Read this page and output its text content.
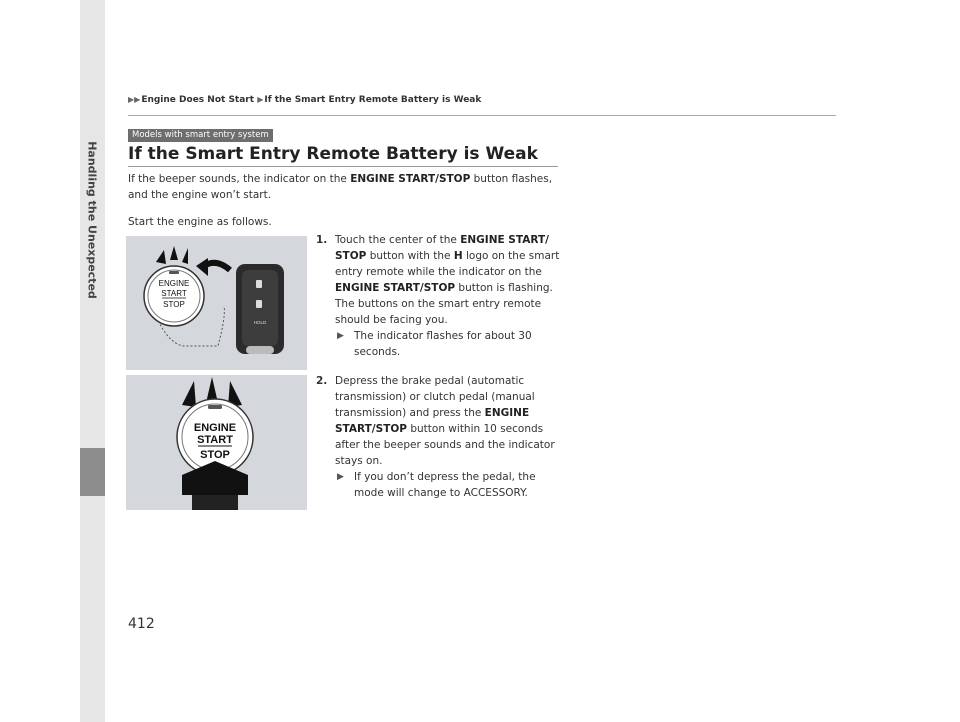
Handling the Unexpected
▶▶Engine Does Not Start ▶If the Smart Entry Remote Battery is Weak
Models with smart entry system
If the Smart Entry Remote Battery is Weak
If the beeper sounds, the indicator on the ENGINE START/STOP button flashes, and the engine won’t start.
Start the engine as follows.
ENGINE
START
STOP
HOLD
ENGINE
START
STOP
1. Touch the center of the ENGINE START/ STOP button with the H logo on the smart entry remote while the indicator on the ENGINE START/STOP button is flashing. The buttons on the smart entry remote should be facing you.
▶ The indicator flashes for about 30 seconds.
2. Depress the brake pedal (automatic transmission) or clutch pedal (manual transmission) and press the ENGINE START/STOP button within 10 seconds after the beeper sounds and the indicator stays on.
▶ If you don’t depress the pedal, the mode will change to ACCESSORY.
412
